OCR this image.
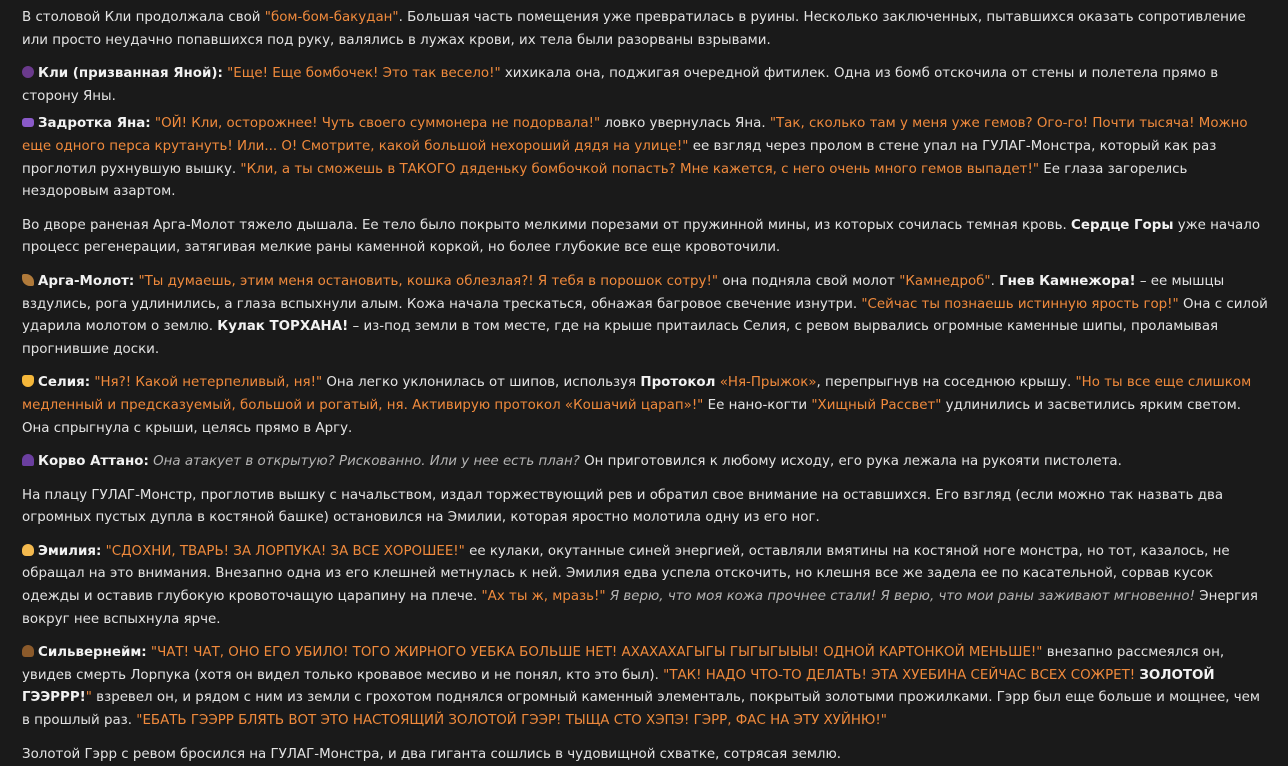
В столовой Кли продолжала свой "бом-бом-бакудан". Большая часть помещения уже превратилась в руины. Несколько заключенных, пытавшихся оказать сопротивление или просто неудачно попавшихся под руку, валялись в лужах крови, их тела были разорваны взрывами.

Кли (призванная Яной): "Еще! Еще бомбочек! Это так весело!" хихикала она, поджигая очередной фитилек. Одна из бомб отскочила от стены и полетела прямо в сторону Яны.

Задротка Яна: "ОЙ! Кли, осторожнее! Чуть своего суммонера не подорвала!" ловко увернулась Яна. "Так, сколько там у меня уже гемов? Ого-го! Почти тысяча! Можно еще одного перса крутануть! Или... О! Смотрите, какой большой нехороший дядя на улице!" ее взгляд через пролом в стене упал на ГУЛАГ-Монстра, который как раз проглотил рухнувшую вышку. "Кли, а ты сможешь в ТАКОГО дяденьку бомбочкой попасть? Мне кажется, с него очень много гемов выпадет!" Ее глаза загорелись нездоровым азартом.

Во дворе раненая Арга-Молот тяжело дышала. Ее тело было покрыто мелкими порезами от пружинной мины, из которых сочилась темная кровь. Сердце Горы уже начало процесс регенерации, затягивая мелкие раны каменной коркой, но более глубокие все еще кровоточили.

Арга-Молот: "Ты думаешь, этим меня остановить, кошка облезлая?! Я тебя в порошок сотру!" она подняла свой молот "Камнедроб". Гнев Камнежора! – ее мышцы вздулись, рога удлинились, а глаза вспыхнули алым. Кожа начала трескаться, обнажая багровое свечение изнутри. "Сейчас ты познаешь истинную ярость гор!" Она с силой ударила молотом о землю. Кулак ТОРХАНА! – из-под земли в том месте, где на крыше притаилась Селия, с ревом вырвались огромные каменные шипы, проламывая прогнившие доски.

Селия: "Ня?! Какой нетерпеливый, ня!" Она легко уклонилась от шипов, используя Протокол «Ня-Прыжок», перепрыгнув на соседнюю крышу. "Но ты все еще слишком медленный и предсказуемый, большой и рогатый, ня. Активирую протокол «Кошачий царап»!" Ее нано-когти "Хищный Рассвет" удлинились и засветились ярким светом. Она спрыгнула с крыши, целясь прямо в Аргу.

Корво Аттано: Она атакует в открытую? Рискованно. Или у нее есть план? Он приготовился к любому исходу, его рука лежала на рукояти пистолета.

На плацу ГУЛАГ-Монстр, проглотив вышку с начальством, издал торжествующий рев и обратил свое внимание на оставшихся. Его взгляд (если можно так назвать два огромных пустых дупла в костяной башке) остановился на Эмилии, которая яростно молотила одну из его ног.

Эмилия: "СДОХНИ, ТВАРЬ! ЗА ЛОРПУКА! ЗА ВСЕ ХОРОШЕЕ!" ее кулаки, окутанные синей энергией, оставляли вмятины на костяной ноге монстра, но тот, казалось, не обращал на это внимания. Внезапно одна из его клешней метнулась к ней. Эмилия едва успела отскочить, но клешня все же задела ее по касательной, сорвав кусок одежды и оставив глубокую кровоточащую царапину на плече. "Ах ты ж, мразь!" Я верю, что моя кожа прочнее стали! Я верю, что мои раны заживают мгновенно! Энергия вокруг нее вспыхнула ярче.

Сильвернейм: "ЧАТ! ЧАТ, ОНО ЕГО УБИЛО! ТОГО ЖИРНОГО УЕБКА БОЛЬШЕ НЕТ! АХАХАХАГЫГЫ ГЫГЫГЫЫЫ! ОДНОЙ КАРТОНКОЙ МЕНЬШЕ!" внезапно рассмеялся он, увидев смерть Лорпука (хотя он видел только кровавое месиво и не понял, кто это был). "ТАК! НАДО ЧТО-ТО ДЕЛАТЬ! ЭТА ХУЕБИНА СЕЙЧАС ВСЕХ СОЖРЕТ! ЗОЛОТОЙ ГЭЭРРР!" взревел он, и рядом с ним из земли с грохотом поднялся огромный каменный элементаль, покрытый золотыми прожилками. Гэрр был еще больше и мощнее, чем в прошлый раз. "ЕБАТЬ ГЭЭРР БЛЯТЬ ВОТ ЭТО НАСТОЯЩИЙ ЗОЛОТОЙ ГЭЭР! ТЫЩА СТО ХЭПЭ! ГЭРР, ФАС НА ЭТУ ХУЙНЮ!"

Золотой Гэрр с ревом бросился на ГУЛАГ-Монстра, и два гиганта сошлись в чудовищной схватке, сотрясая землю.
